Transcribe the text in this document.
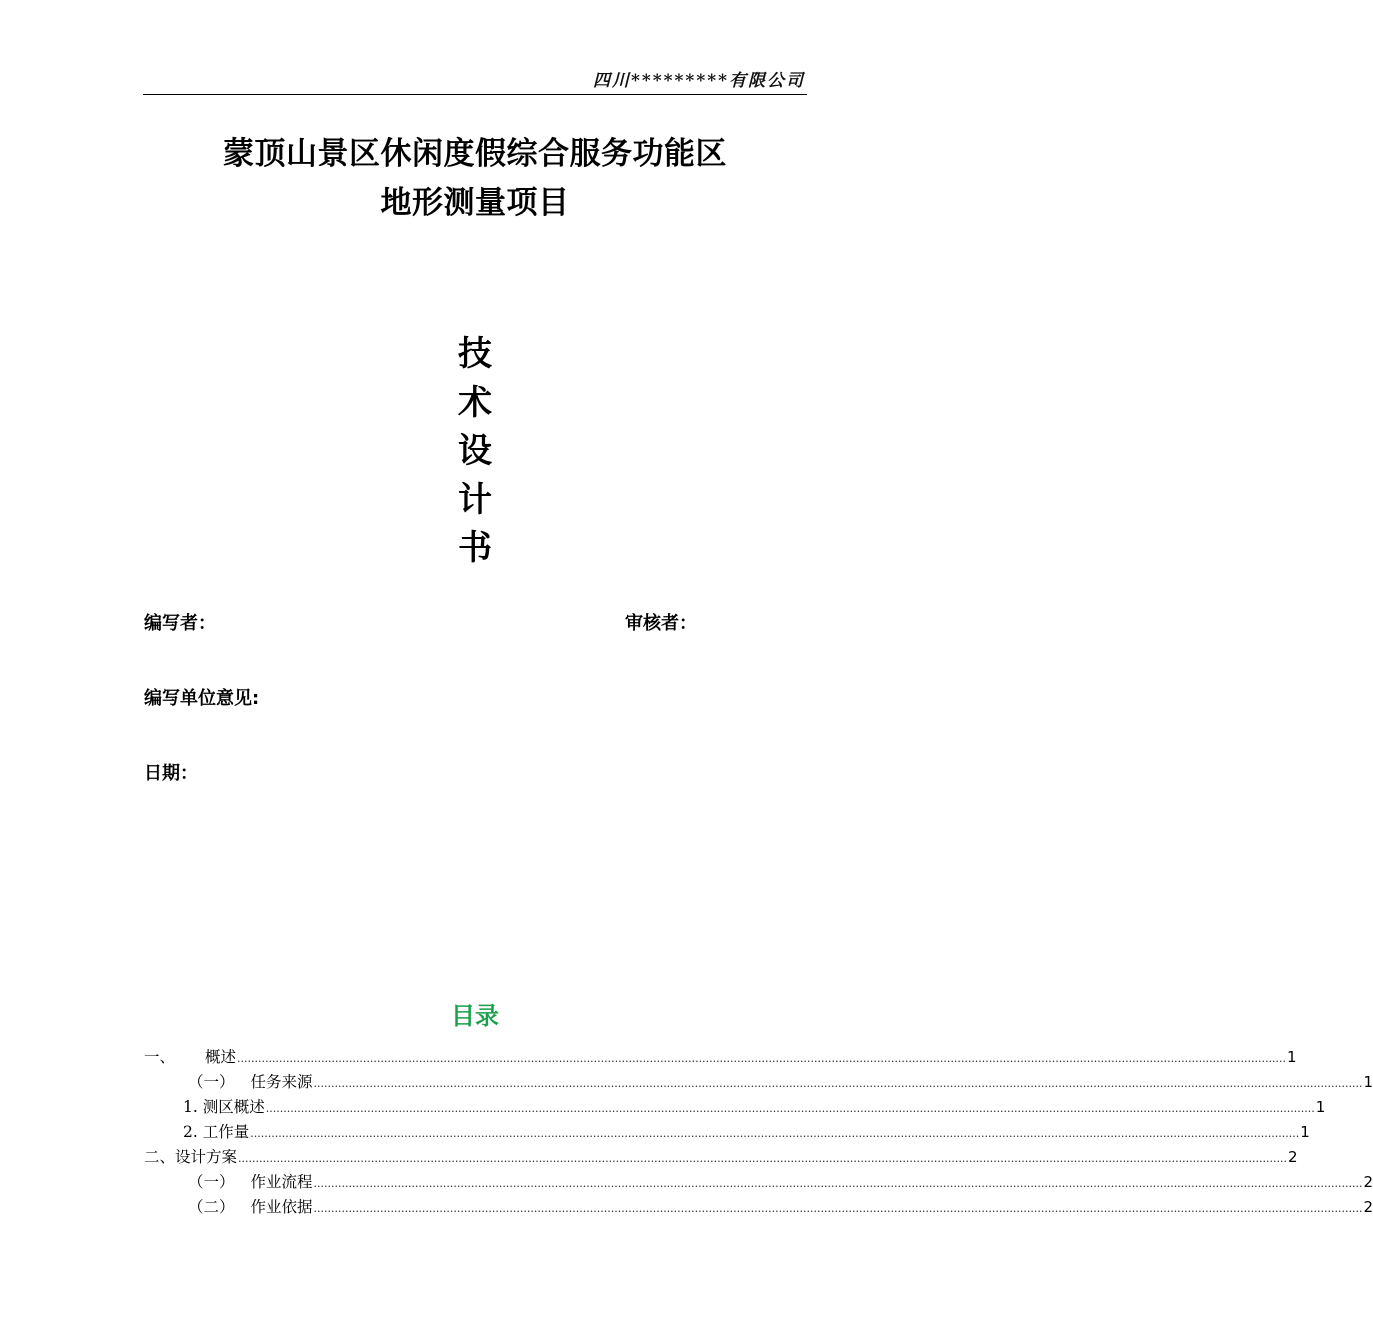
四川*********有限公司
蒙顶山景区休闲度假综合服务功能区
地形测量项目
技
术
设
计
书
编写者：	审核者：
编写单位意见:
日期：
目录
一、 概述 ............................................................................................................................................................................................................................................................................................................ 1
（一） 任务来源 ............................................................................................................................................................................................................................................................................................................ 1
1. 测区概述 ............................................................................................................................................................................................................................................................................................................ 1
2. 工作量 ............................................................................................................................................................................................................................................................................................................ 1
二、设计方案 ............................................................................................................................................................................................................................................................................................................ 2
（一） 作业流程 ............................................................................................................................................................................................................................................................................................................ 2
（二） 作业依据 ............................................................................................................................................................................................................................................................................................................ 2
